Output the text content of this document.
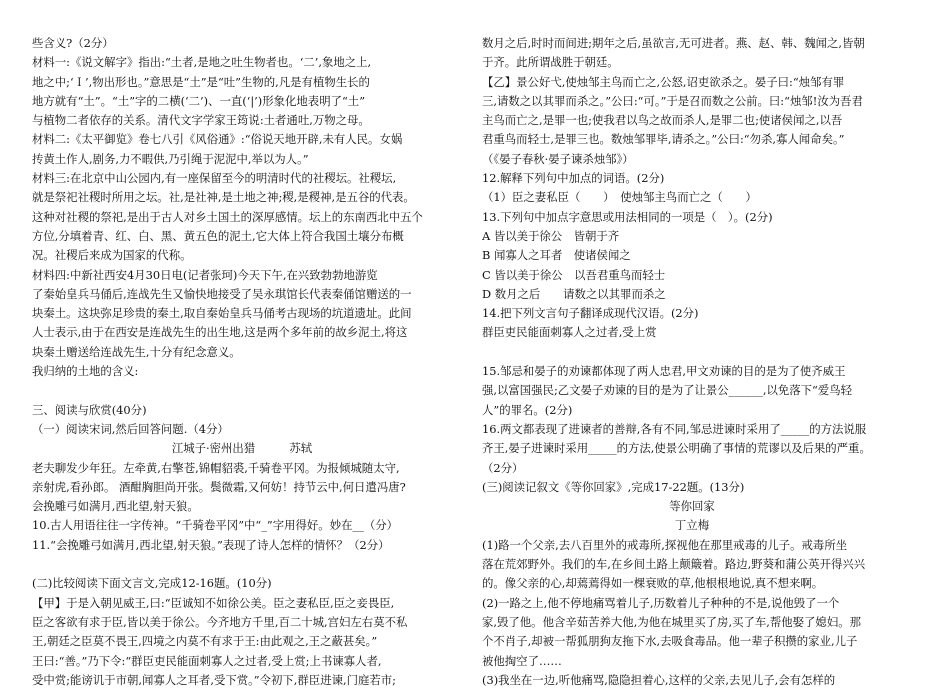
些含义?（2分）
材料一:《说文解字》指出:“土者,是地之吐生物者也。‘二’,象地之上,
地之中;‘Ｉ’,物出形也。”意思是“土”是“吐”生物的,凡是有植物生长的
地方就有“土”。“土”字的二横(‘二’)、一直(‘|’)形象化地表明了“土”
与植物二者依存的关系。清代文字学家王筠说:土者通吐,万物之母。
材料二:《太平御览》卷七八引《风俗通》:“俗说天地开辟,未有人民。女娲
抟黄土作人,剧务,力不暇供,乃引绳于泥泥中,举以为人。”
材料三:在北京中山公园内,有一座保留至今的明清时代的社稷坛。社稷坛,
就是祭祀社稷时所用之坛。社,是社神,是土地之神;稷,是稷神,是五谷的代表。
这种对社稷的祭祀,是出于古人对乡土国土的深厚感情。坛上的东南西北中五个
方位,分填着青、红、白、黑、黄五色的泥土,它大体上符合我国土壤分布概
况。社稷后来成为国家的代称。
材料四:中新社西安4月30日电(记者张珂)今天下午,在兴致勃勃地游览
了秦始皇兵马俑后,连战先生又愉快地接受了吴永琪馆长代表秦俑馆赠送的一
块秦土。这块弥足珍贵的秦土,取自秦始皇兵马俑考古现场的坑道遗址。此间
人士表示,由于在西安是连战先生的出生地,这是两个多年前的故乡泥土,将这
块秦土赠送给连战先生,十分有纪念意义。
我归纳的土地的含义:
三、阅读与欣赏(40分)
（一）阅读宋词,然后回答问题.（4分）
江城子·密州出猎　　　苏轼
老夫聊发少年狂。左牵黄,右擎苍,锦帽貂裘,千骑卷平冈。为报倾城随太守,
亲射虎,看孙郎。 酒酣胸胆尚开张。鬓微霜,又何妨！持节云中,何日遣冯唐?
会挽雕弓如满月,西北望,射天狼。
10.古人用语往往一字传神。“千骑卷平冈”中“_”字用得好。妙在__（分）
11.“会挽雕弓如满月,西北望,射天狼。”表现了诗人怎样的情怀？（2分）
(二)比较阅读下面文言文,完成12-16题。(10分)
【甲】于是入朝见威王,曰:“臣诚知不如徐公美。臣之妻私臣,臣之妾畏臣,
臣之客欲有求于臣,皆以美于徐公。今齐地方千里,百二十城,宫妇左右莫不私
王,朝廷之臣莫不畏王,四境之内莫不有求于王:由此观之,王之蔽甚矣。”
王曰:“善。”乃下令:“群臣吏民能面刺寡人之过者,受上赏;上书谏寡人者,
受中赏;能谤讥于市朝,闻寡人之耳者,受下赏。”令初下,群臣进谏,门庭若市;
数月之后,时时而间进;期年之后,虽欲言,无可进者。燕、赵、韩、魏闻之,皆朝
于齐。此所谓战胜于朝廷。
【乙】景公好弋,使烛邹主鸟而亡之,公怒,诏吏欲杀之。晏子曰:“烛邹有罪
三,请数之以其罪而杀之。”公曰:“可。”于是召而数之公前。曰:“烛邹!汝为吾君
主鸟而亡之,是罪一也;使我君以鸟之故而杀人,是罪二也;使诸侯闻之,以吾
君重鸟而轻士,是罪三也。数烛邹罪毕,请杀之。”公曰:“勿杀,寡人闻命矣。”
（《晏子春秋·晏子谏杀烛邹》）
12.解释下列句中加点的词语。(2分)
（1）臣之妻私臣（　　）　使烛邹主鸟而亡之（　　）
13.下列句中加点字意思或用法相同的一项是（　）。(2分)
A 皆以美于徐公　皆朝于齐
B 闻寡人之耳者　使诸侯闻之
C 皆以美于徐公　以吾君重鸟而轻士
D 数月之后　　请数之以其罪而杀之
14.把下列文言句子翻译成现代汉语。(2分)
群臣吏民能面刺寡人之过者,受上赏
15.邹忌和晏子的劝谏都体现了两人忠君,甲文劝谏的目的是为了使齐威王
强,以富国强民;乙文晏子劝谏的目的是为了让景公______,以免落下“爱鸟轻
人”的罪名。(2分)
16.两文都表现了进谏者的善辩,各有不同,邹忌进谏时采用了_____的方法说服
齐王,晏子进谏时采用_____的方法,使景公明确了事情的荒谬以及后果的严重。
（2分）
(三)阅读记叙文《等你回家》,完成17-22题。(13分)
等你回家
丁立梅
(1)路一个父亲,去八百里外的戒毒所,探视他在那里戒毒的儿子。戒毒所坐
落在荒郊野外。我们的车,在乡间土路上颠簸着。路边,野葵和蒲公英开得兴兴
的。像父亲的心,却蔫蔫得如一棵衰败的草,他根根地说,真不想来啊。
(2)一路之上,他不停地痛骂着儿子,历数着儿子种种的不是,说他毁了一个
家,毁了他。他含辛茹苦养大他,为他在城里买了房,买了车,帮他娶了媳妇。那
个不肖子,却被一帮狐朋狗友拖下水,去吸食毒品。他一辈子积攒的家业,儿子
被他掏空了……
(3)我坐在一边,听他痛骂,隐隐担着心,这样的父亲,去见儿子,会有怎样的
